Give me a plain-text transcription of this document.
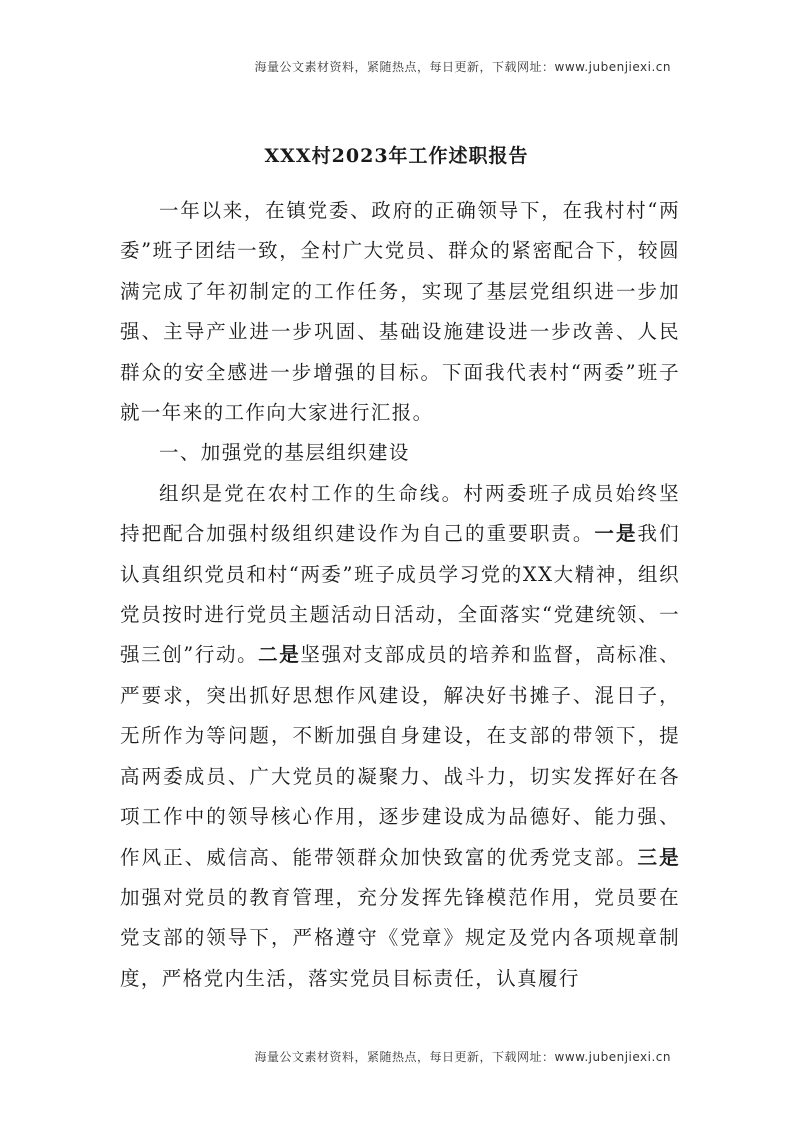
海量公文素材资料，紧随热点，每日更新，下载网址：www.jubenjiexi.cn
XXX村2023年工作述职报告

一年以来，在镇党委、政府的正确领导下，在我村村“两委”班子团结一致，全村广大党员、群众的紧密配合下，较圆满完成了年初制定的工作任务，实现了基层党组织进一步加强、主导产业进一步巩固、基础设施建设进一步改善、人民群众的安全感进一步增强的目标。下面我代表村“两委”班子就一年来的工作向大家进行汇报。

一、加强党的基层组织建设

组织是党在农村工作的生命线。村两委班子成员始终坚持把配合加强村级组织建设作为自己的重要职责。一是我们认真组织党员和村“两委”班子成员学习党的XX大精神，组织党员按时进行党员主题活动日活动，全面落实“党建统领、一强三创”行动。二是坚强对支部成员的培养和监督，高标准、严要求，突出抓好思想作风建设，解决好书摊子、混日子，无所作为等问题，不断加强自身建设，在支部的带领下，提高两委成员、广大党员的凝聚力、战斗力，切实发挥好在各项工作中的领导核心作用，逐步建设成为品德好、能力强、作风正、威信高、能带领群众加快致富的优秀党支部。三是加强对党员的教育管理，充分发挥先锋模范作用，党员要在党支部的领导下，严格遵守《党章》规定及党内各项规章制度，严格党内生活，落实党员目标责任，认真履行

海量公文素材资料，紧随热点，每日更新，下载网址：www.jubenjiexi.cn
